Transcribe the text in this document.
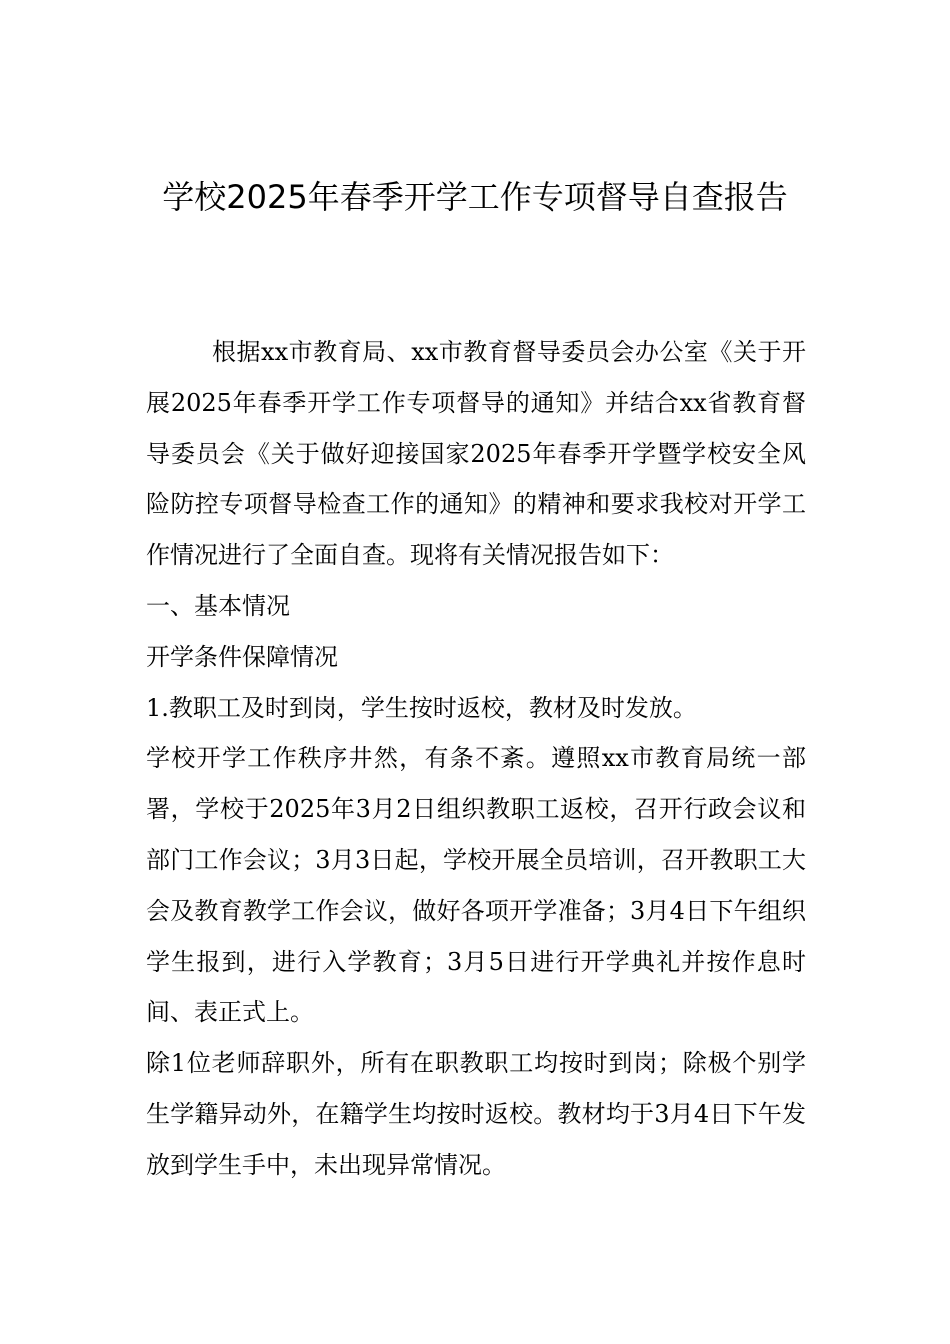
学校2025年春季开学工作专项督导自查报告

根据xx市教育局、xx市教育督导委员会办公室《关于开展2025年春季开学工作专项督导的通知》并结合xx省教育督导委员会《关于做好迎接国家2025年春季开学暨学校安全风险防控专项督导检查工作的通知》的精神和要求我校对开学工作情况进行了全面自查。现将有关情况报告如下：

一、基本情况

开学条件保障情况

1.教职工及时到岗，学生按时返校，教材及时发放。

学校开学工作秩序井然，有条不紊。遵照xx市教育局统一部署，学校于2025年3月2日组织教职工返校，召开行政会议和部门工作会议；3月3日起，学校开展全员培训，召开教职工大会及教育教学工作会议，做好各项开学准备；3月4日下午组织学生报到，进行入学教育；3月5日进行开学典礼并按作息时间、表正式上。

除1位老师辞职外，所有在职教职工均按时到岗；除极个别学生学籍异动外，在籍学生均按时返校。教材均于3月4日下午发放到学生手中，未出现异常情况。
